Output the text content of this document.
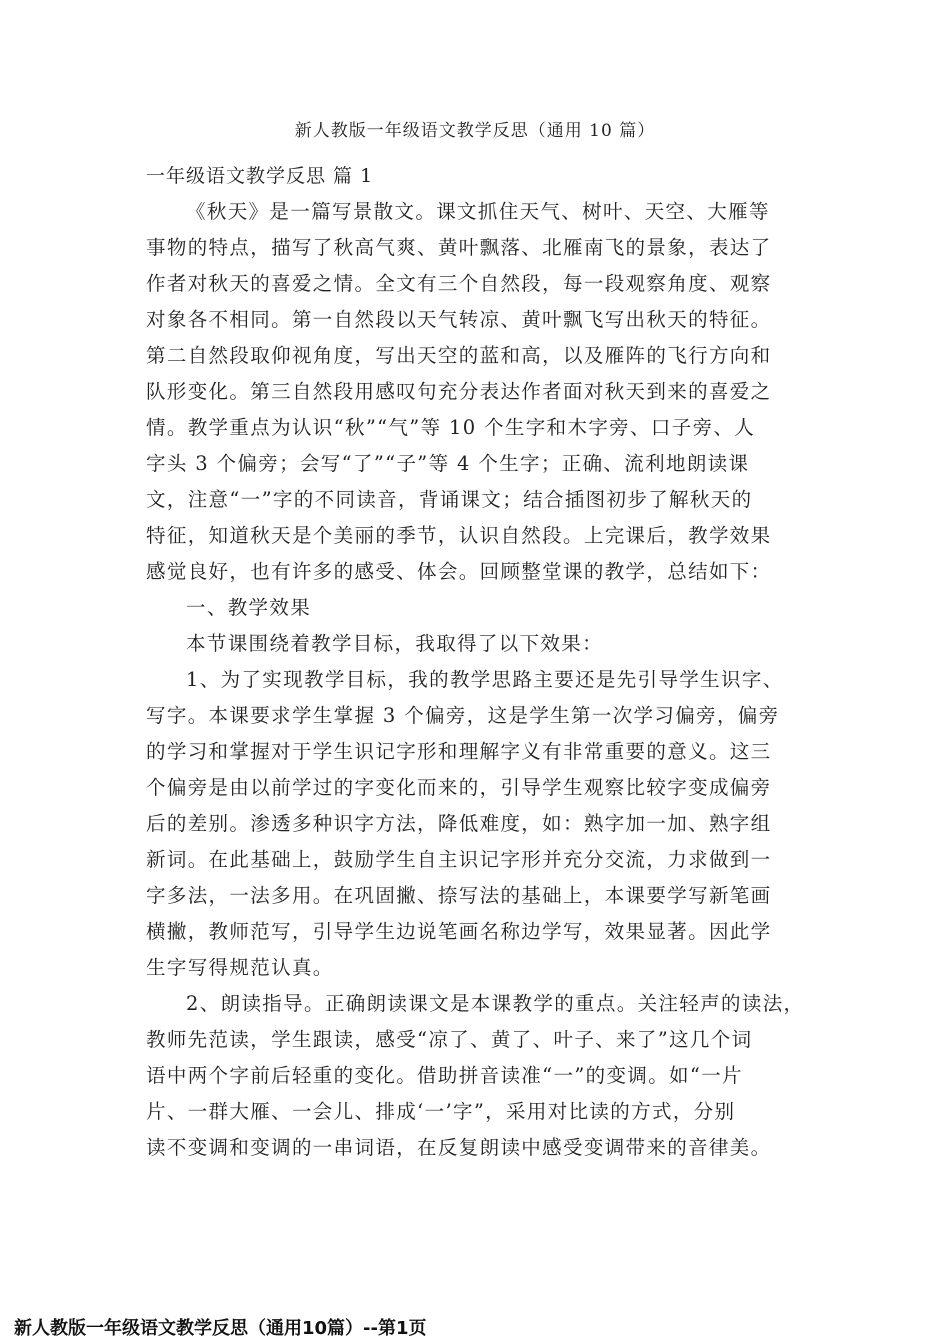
新人教版一年级语文教学反思（通用 10 篇）
一年级语文教学反思 篇 1
《秋天》是一篇写景散文。课文抓住天气、树叶、天空、大雁等
事物的特点，描写了秋高气爽、黄叶飘落、北雁南飞的景象，表达了
作者对秋天的喜爱之情。全文有三个自然段，每一段观察角度、观察
对象各不相同。第一自然段以天气转凉、黄叶飘飞写出秋天的特征。
第二自然段取仰视角度，写出天空的蓝和高，以及雁阵的飞行方向和
队形变化。第三自然段用感叹句充分表达作者面对秋天到来的喜爱之
情。教学重点为认识“秋”“气”等 10 个生字和木字旁、口子旁、人
字头 3 个偏旁；会写“了”“子”等 4 个生字；正确、流利地朗读课
文，注意“一”字的不同读音，背诵课文；结合插图初步了解秋天的
特征，知道秋天是个美丽的季节，认识自然段。上完课后，教学效果
感觉良好，也有许多的感受、体会。回顾整堂课的教学，总结如下：
一、教学效果
本节课围绕着教学目标，我取得了以下效果：
1、为了实现教学目标，我的教学思路主要还是先引导学生识字、
写字。本课要求学生掌握 3 个偏旁，这是学生第一次学习偏旁，偏旁
的学习和掌握对于学生识记字形和理解字义有非常重要的意义。这三
个偏旁是由以前学过的字变化而来的，引导学生观察比较字变成偏旁
后的差别。渗透多种识字方法，降低难度，如：熟字加一加、熟字组
新词。在此基础上，鼓励学生自主识记字形并充分交流，力求做到一
字多法，一法多用。在巩固撇、捺写法的基础上，本课要学写新笔画
横撇，教师范写，引导学生边说笔画名称边学写，效果显著。因此学
生字写得规范认真。
2、朗读指导。正确朗读课文是本课教学的重点。关注轻声的读法，
教师先范读，学生跟读，感受“凉了、黄了、叶子、来了”这几个词
语中两个字前后轻重的变化。借助拼音读准“一”的变调。如“一片
片、一群大雁、一会儿、排成‘一’字”，采用对比读的方式，分别
读不变调和变调的一串词语，在反复朗读中感受变调带来的音律美。
新人教版一年级语文教学反思（通用10篇）--第1页
